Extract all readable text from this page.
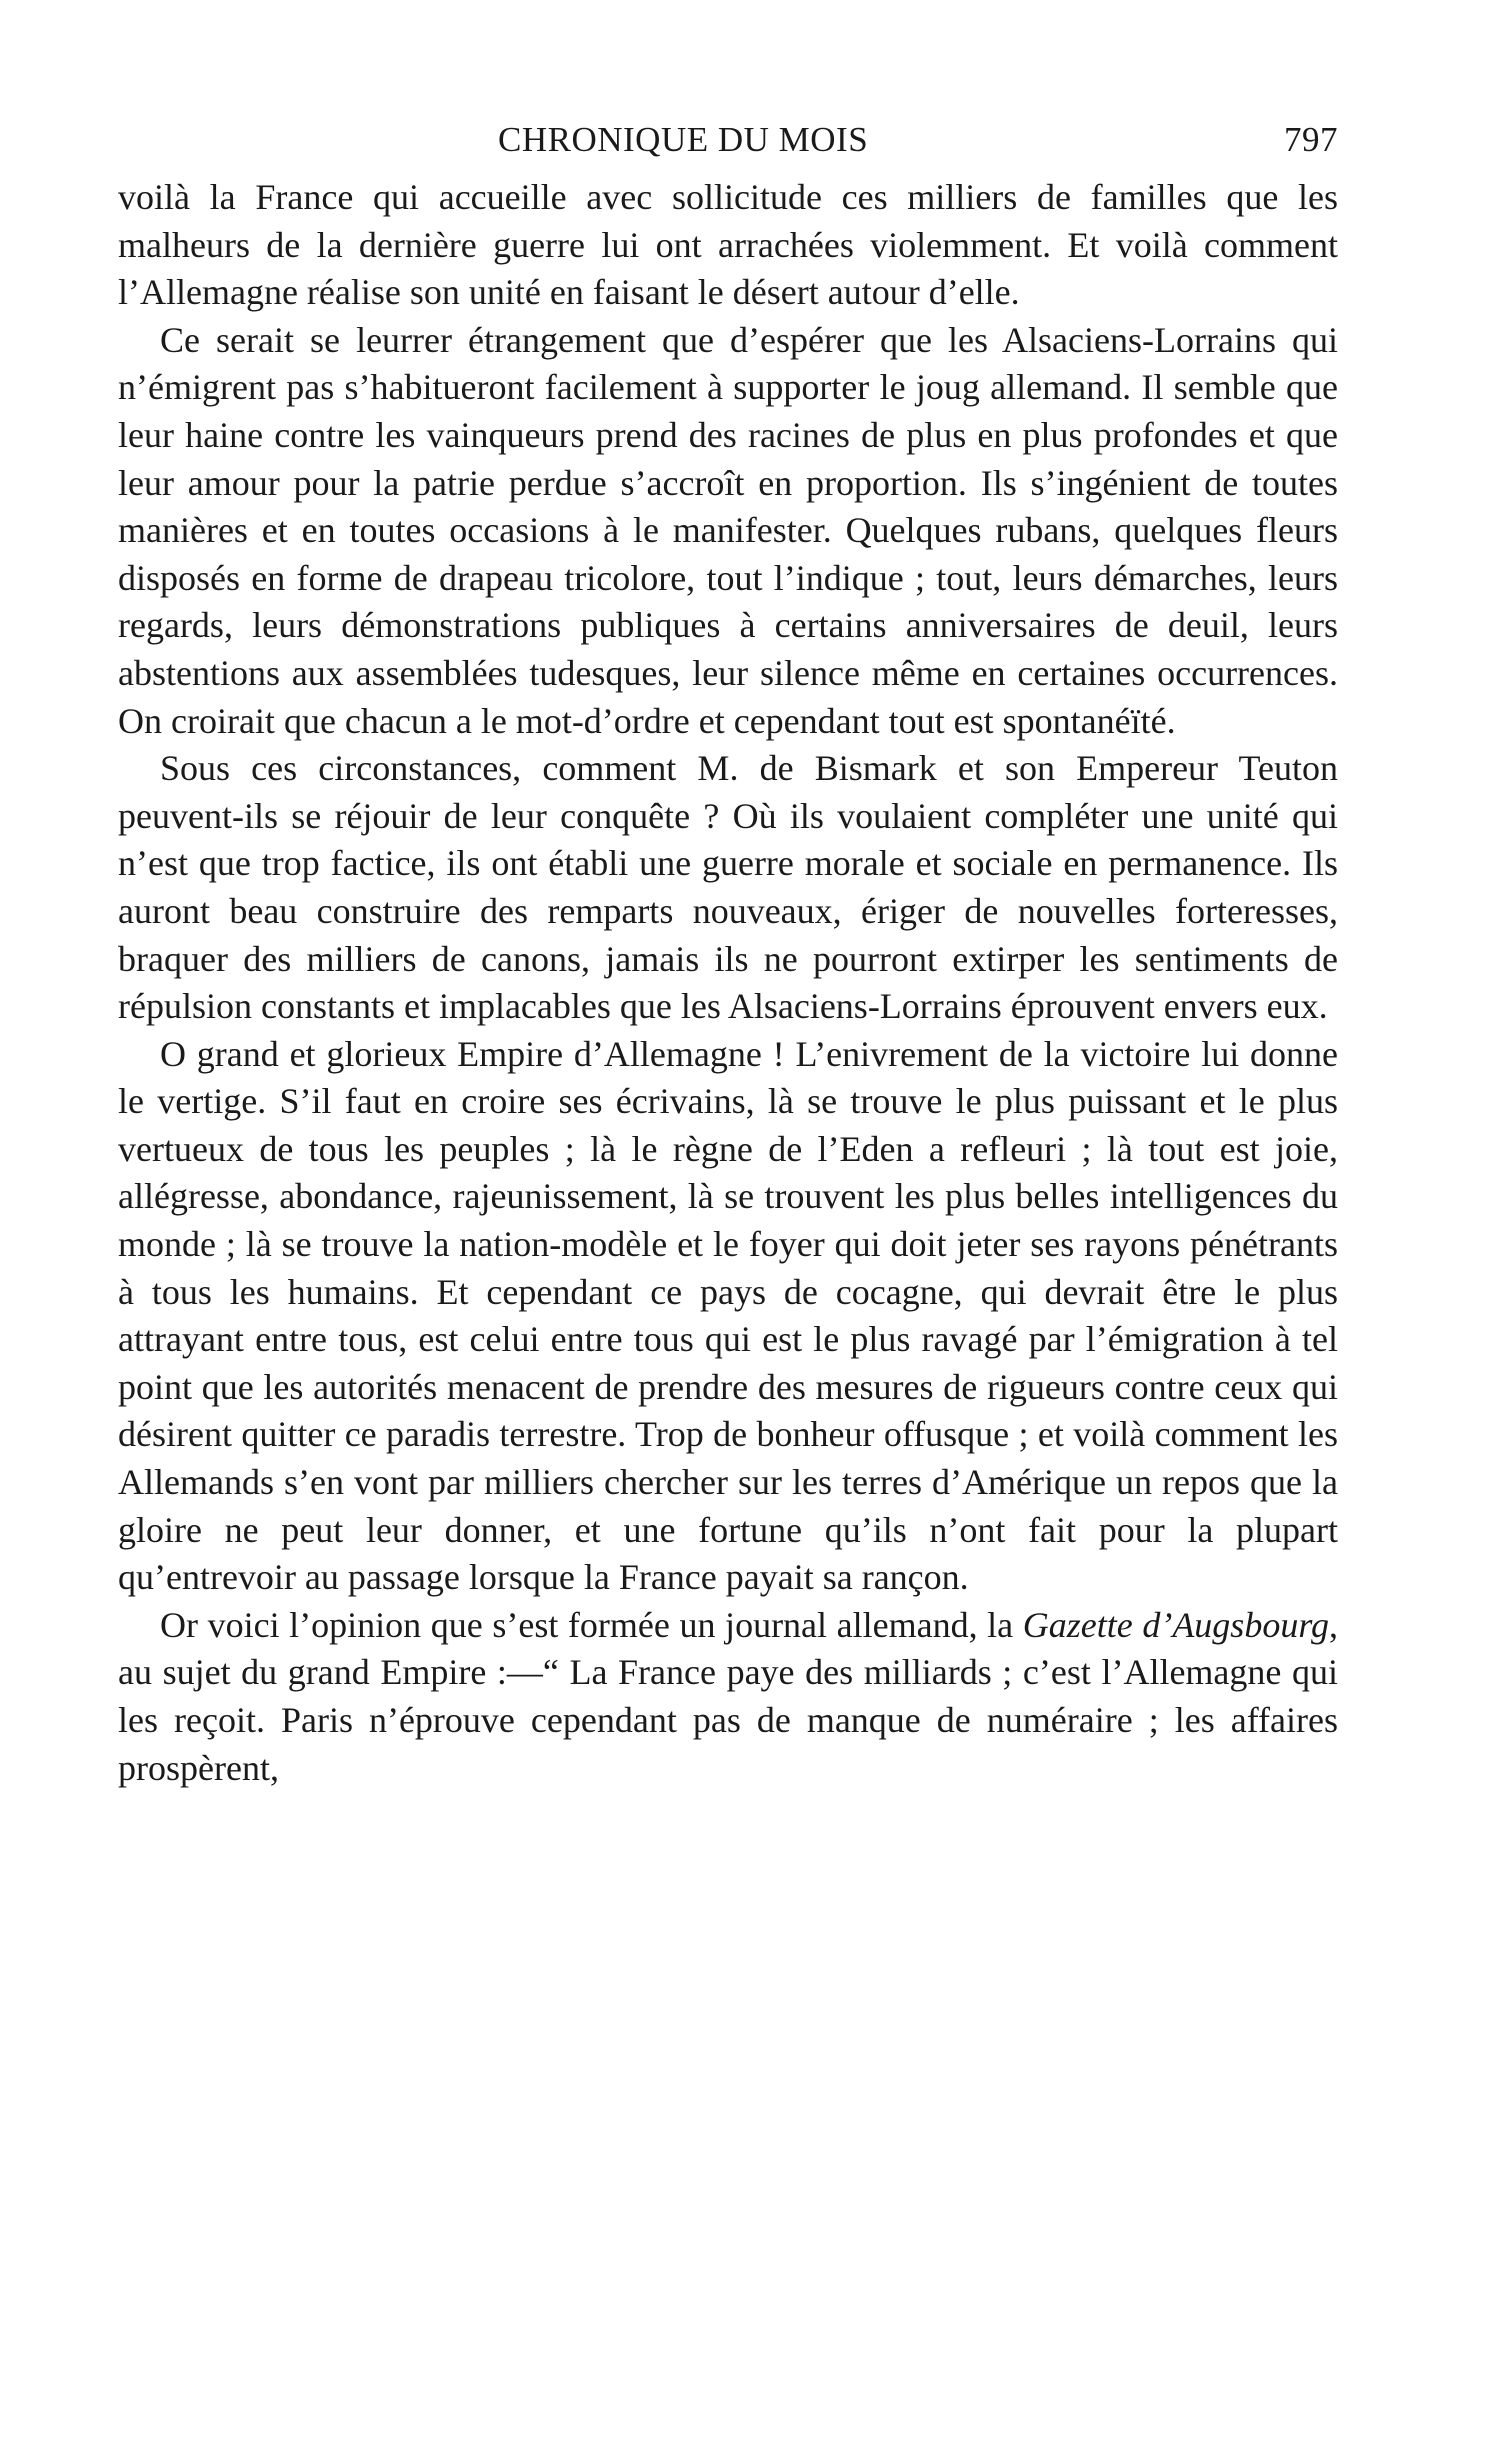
CHRONIQUE DU MOIS	797

voilà la France qui accueille avec sollicitude ces milliers de familles que les malheurs de la dernière guerre lui ont arrachées violemment. Et voilà comment l’Allemagne réalise son unité en faisant le désert autour d’elle.

Ce serait se leurrer étrangement que d’espérer que les Alsaciens-Lorrains qui n’émigrent pas s’habitueront facilement à supporter le joug allemand. Il semble que leur haine contre les vainqueurs prend des racines de plus en plus profondes et que leur amour pour la patrie perdue s’accroît en proportion. Ils s’ingénient de toutes manières et en toutes occasions à le manifester. Quelques rubans, quelques fleurs disposés en forme de drapeau tricolore, tout l’indique ; tout, leurs démarches, leurs regards, leurs démonstrations publiques à certains anniversaires de deuil, leurs abstentions aux assemblées tudesques, leur silence même en certaines occurrences. On croirait que chacun a le mot-d’ordre et cependant tout est spontanéïté.

Sous ces circonstances, comment M. de Bismark et son Empereur Teuton peuvent-ils se réjouir de leur conquête ? Où ils voulaient compléter une unité qui n’est que trop factice, ils ont établi une guerre morale et sociale en permanence. Ils auront beau construire des remparts nouveaux, ériger de nouvelles forteresses, braquer des milliers de canons, jamais ils ne pourront extirper les sentiments de répulsion constants et implacables que les Alsaciens-Lorrains éprouvent envers eux.

O grand et glorieux Empire d’Allemagne ! L’enivrement de la victoire lui donne le vertige. S’il faut en croire ses écrivains, là se trouve le plus puissant et le plus vertueux de tous les peuples ; là le règne de l’Eden a refleuri ; là tout est joie, allégresse, abondance, rajeunissement, là se trouvent les plus belles intelligences du monde ; là se trouve la nation-modèle et le foyer qui doit jeter ses rayons pénétrants à tous les humains. Et cependant ce pays de cocagne, qui devrait être le plus attrayant entre tous, est celui entre tous qui est le plus ravagé par l’émigration à tel point que les autorités menacent de prendre des mesures de rigueurs contre ceux qui désirent quitter ce paradis terrestre. Trop de bonheur offusque ; et voilà comment les Allemands s’en vont par milliers chercher sur les terres d’Amérique un repos que la gloire ne peut leur donner, et une fortune qu’ils n’ont fait pour la plupart qu’entrevoir au passage lorsque la France payait sa rançon.

Or voici l’opinion que s’est formée un journal allemand, la Gazette d’Augsbourg, au sujet du grand Empire :—“ La France paye des milliards ; c’est l’Allemagne qui les reçoit. Paris n’éprouve cependant pas de manque de numéraire ; les affaires prospèrent,
